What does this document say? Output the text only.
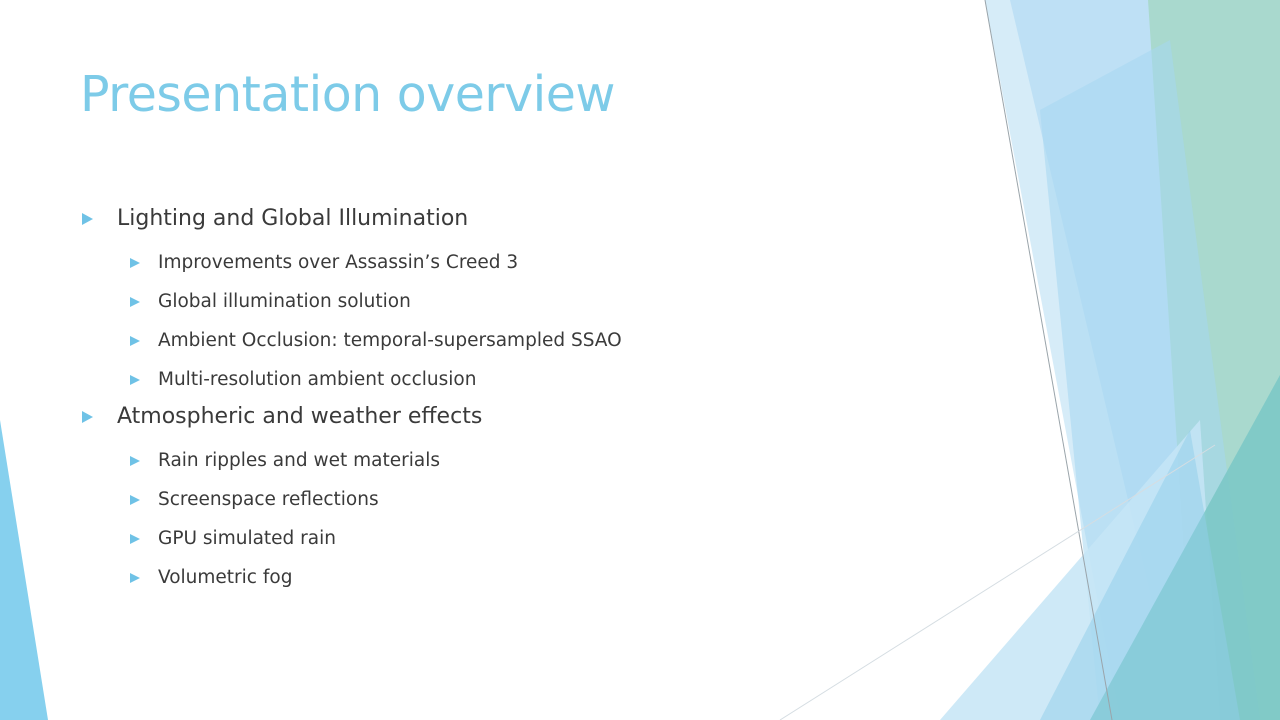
Presentation overview
Lighting and Global Illumination
Improvements over Assassin’s Creed 3
Global illumination solution
Ambient Occlusion: temporal-supersampled SSAO
Multi-resolution ambient occlusion
Atmospheric and weather effects
Rain ripples and wet materials
Screenspace reflections
GPU simulated rain
Volumetric fog
